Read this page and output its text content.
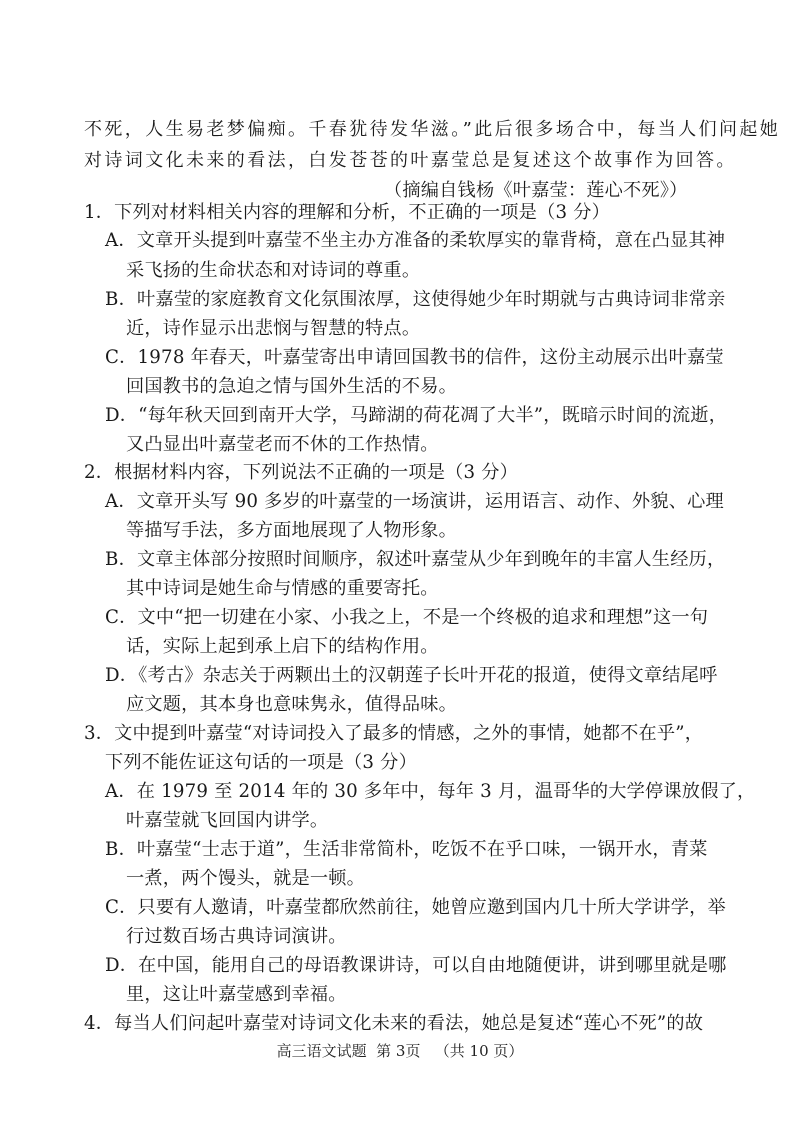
不死，人生易老梦偏痴。千春犹待发华滋。”此后很多场合中，每当人们问起她
对诗词文化未来的看法，白发苍苍的叶嘉莹总是复述这个故事作为回答。
（摘编自钱杨《叶嘉莹：莲心不死》）
1．下列对材料相关内容的理解和分析，不正确的一项是（3 分）
A．文章开头提到叶嘉莹不坐主办方准备的柔软厚实的靠背椅，意在凸显其神
采飞扬的生命状态和对诗词的尊重。
B．叶嘉莹的家庭教育文化氛围浓厚，这使得她少年时期就与古典诗词非常亲
近，诗作显示出悲悯与智慧的特点。
C．1978 年春天，叶嘉莹寄出申请回国教书的信件，这份主动展示出叶嘉莹
回国教书的急迫之情与国外生活的不易。
D．“每年秋天回到南开大学，马蹄湖的荷花凋了大半”，既暗示时间的流逝，
又凸显出叶嘉莹老而不休的工作热情。
2．根据材料内容，下列说法不正确的一项是（3 分）
A．文章开头写 90 多岁的叶嘉莹的一场演讲，运用语言、动作、外貌、心理
等描写手法，多方面地展现了人物形象。
B．文章主体部分按照时间顺序，叙述叶嘉莹从少年到晚年的丰富人生经历，
其中诗词是她生命与情感的重要寄托。
C．文中“把一切建在小家、小我之上，不是一个终极的追求和理想”这一句
话，实际上起到承上启下的结构作用。
D．《考古》杂志关于两颗出土的汉朝莲子长叶开花的报道，使得文章结尾呼
应文题，其本身也意味隽永，值得品味。
3．文中提到叶嘉莹“对诗词投入了最多的情感，之外的事情，她都不在乎”，
下列不能佐证这句话的一项是（3 分）
A．在 1979 至 2014 年的 30 多年中，每年 3 月，温哥华的大学停课放假了，
叶嘉莹就飞回国内讲学。
B．叶嘉莹“士志于道”，生活非常简朴，吃饭不在乎口味，一锅开水，青菜
一煮，两个馒头，就是一顿。
C．只要有人邀请，叶嘉莹都欣然前往，她曾应邀到国内几十所大学讲学，举
行过数百场古典诗词演讲。
D．在中国，能用自己的母语教课讲诗，可以自由地随便讲，讲到哪里就是哪
里，这让叶嘉莹感到幸福。
4．每当人们问起叶嘉莹对诗词文化未来的看法，她总是复述“莲心不死”的故
高三语文试题  第 3页   （共 10 页）
